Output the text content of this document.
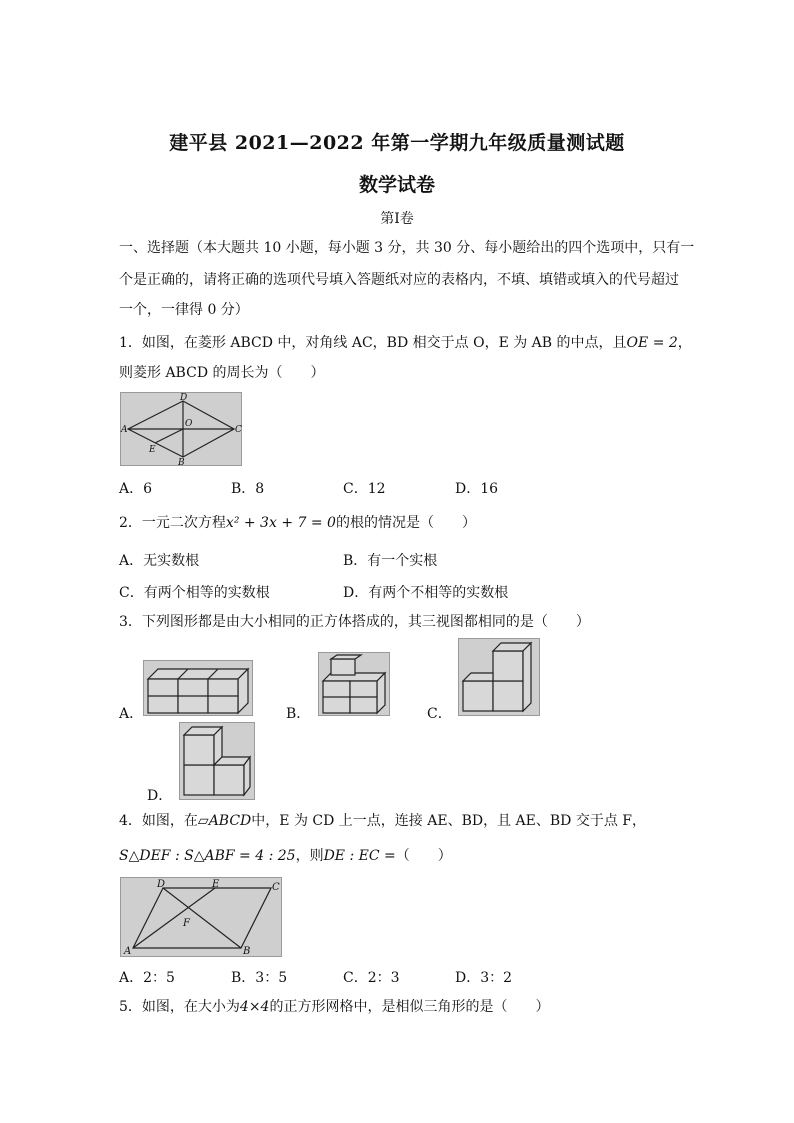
建平县 2021—2022 年第一学期九年级质量测试题
数学试卷
第Ⅰ卷
一、选择题（本大题共 10 小题，每小题 3 分，共 30 分、每小题给出的四个选项中，只有一
个是正确的，请将正确的选项代号填入答题纸对应的表格内，不填、填错或填入的代号超过
一个，一律得 0 分）
1．如图，在菱形 ABCD 中，对角线 AC，BD 相交于点 O，E 为 AB 的中点，且OE = 2，
则菱形 ABCD 的周长为（　　）
A
D
C
B
O
E
A．6	B．8	C．12	D．16
2．一元二次方程x² + 3x + 7 = 0的根的情况是（　　）
A．无实数根	B．有一个实根
C．有两个相等的实数根	D．有两个不相等的实数根
3．下列图形都是由大小相同的正方体搭成的，其三视图都相同的是（　　）
A．	B．	C．
D．
4．如图，在▱ABCD中，E 为 CD 上一点，连接 AE、BD，且 AE、BD 交于点 F，
S△DEF : S△ABF = 4 : 25，则DE : EC =（　　）
A	B
C
D	E
F
A．2：5	B．3：5	C．2：3	D．3：2
5．如图，在大小为4×4的正方形网格中，是相似三角形的是（　　）
